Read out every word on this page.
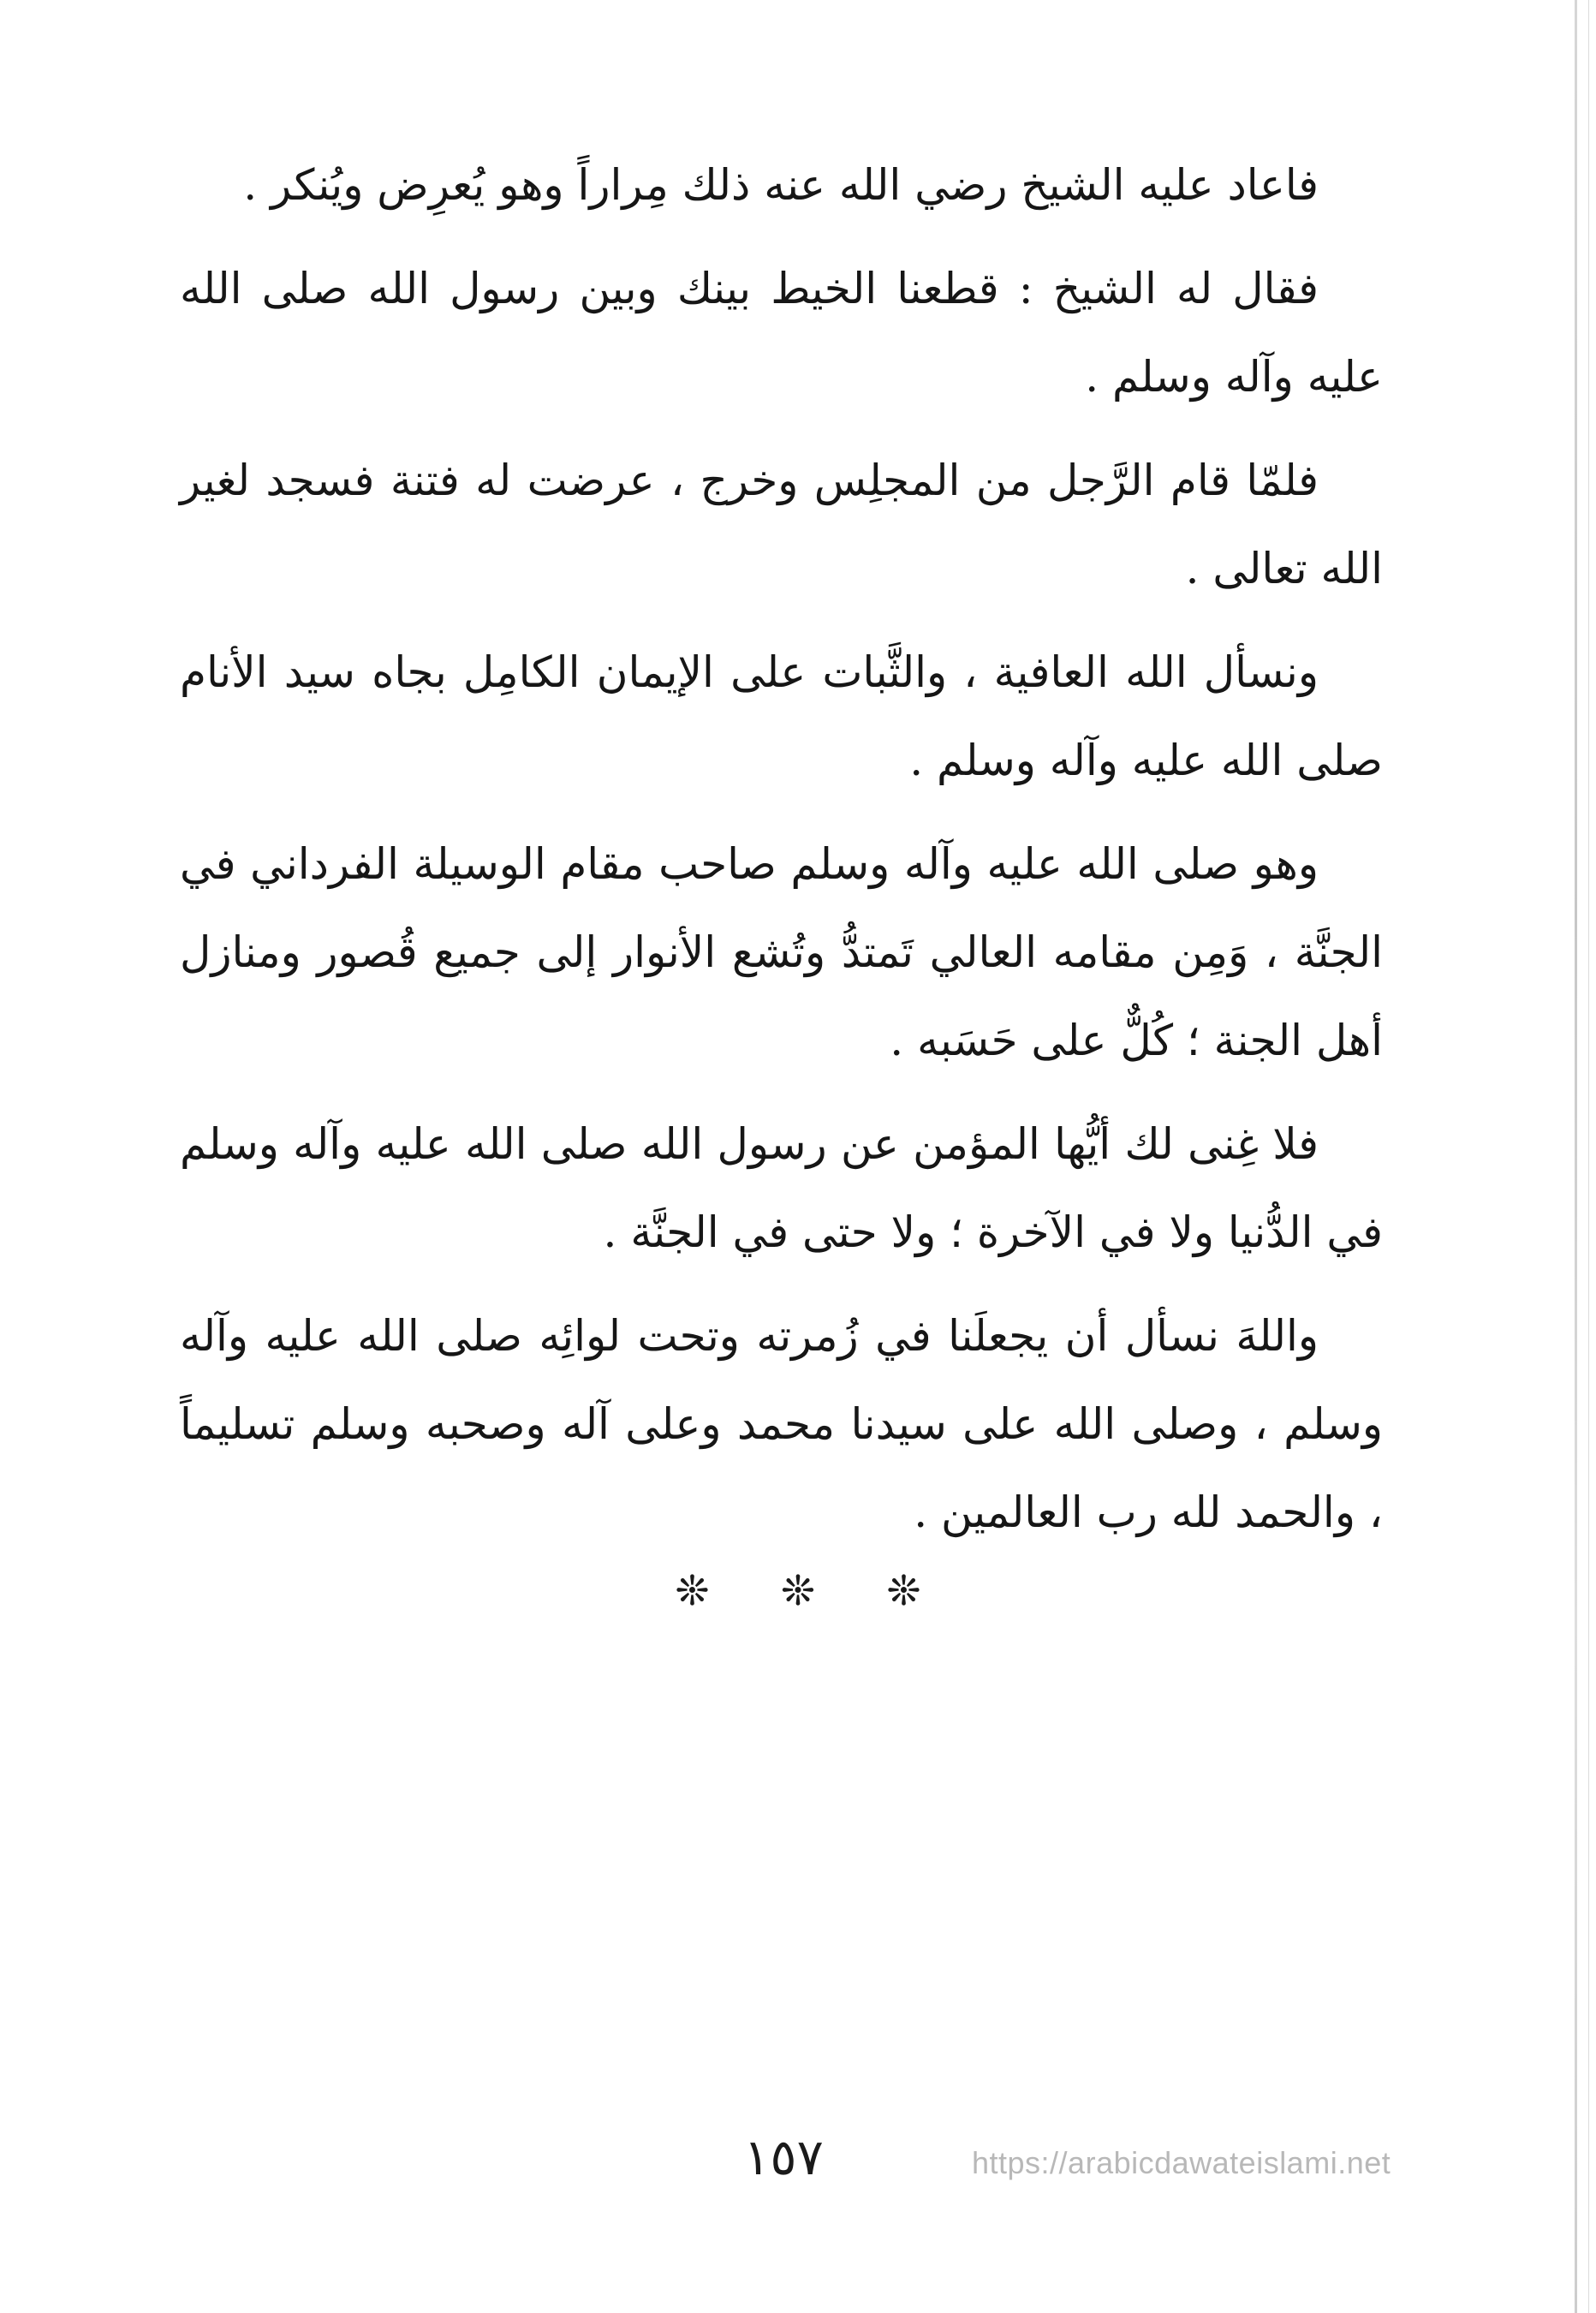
فاعاد عليه الشيخ رضي الله عنه ذلك مِراراً وهو يُعرِض ويُنكر .

فقال له الشيخ : قطعنا الخيط بينك وبين رسول الله صلى الله عليه وآله وسلم .

فلمّا قام الرَّجل من المجلِس وخرج ، عرضت له فتنة فسجد لغير الله تعالى .

ونسأل الله العافية ، والثَّبات على الإيمان الكامِل بجاه سيد الأنام صلى الله عليه وآله وسلم .

وهو صلى الله عليه وآله وسلم صاحب مقام الوسيلة الفرداني في الجنَّة ، وَمِن مقامه العالي تَمتدُّ وتُشع الأنوار إلى جميع قُصور ومنازل أهل الجنة ؛ كُلٌّ على حَسَبه .

فلا غِنى لك أيُّها المؤمن عن رسول الله صلى الله عليه وآله وسلم في الدُّنيا ولا في الآخرة ؛ ولا حتى في الجنَّة .

واللهَ نسأل أن يجعلَنا في زُمرته وتحت لوائِه صلى الله عليه وآله وسلم ، وصلى الله على سيدنا محمد وعلى آله وصحبه وسلم تسليماً ، والحمد لله رب العالمين .

❊ ❊ ❊
١٥٧	https://arabicdawateislami.net
